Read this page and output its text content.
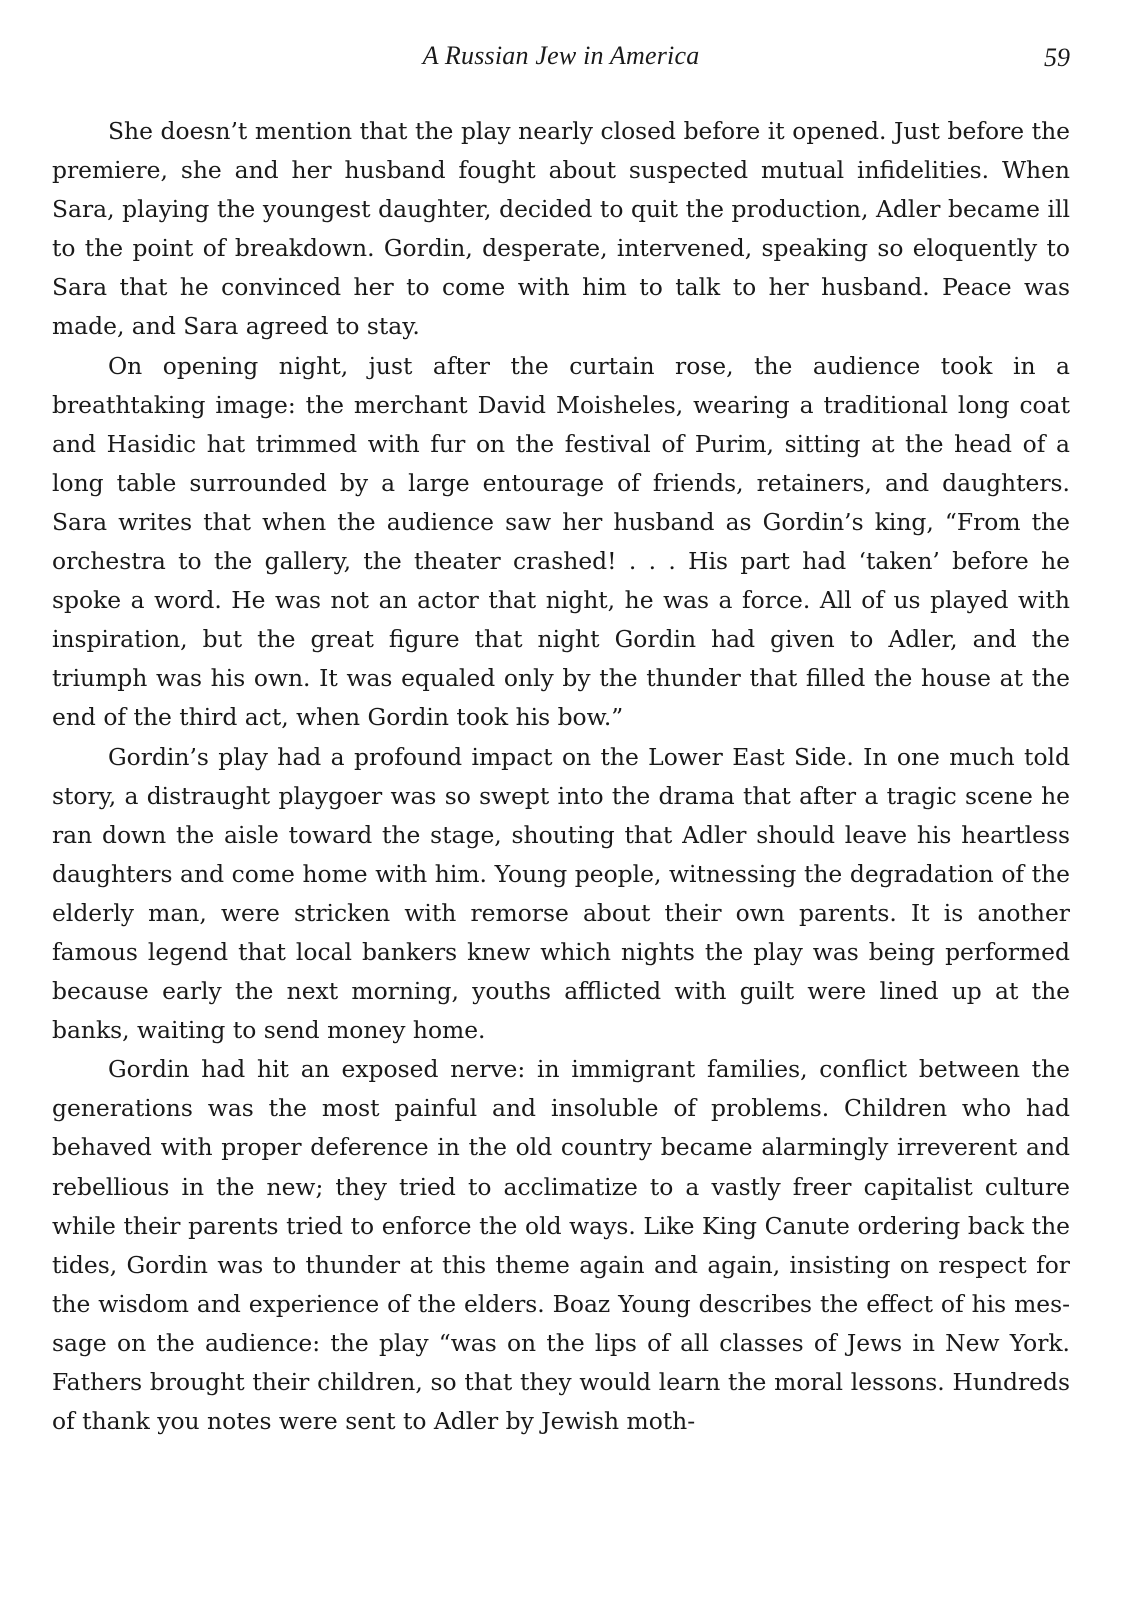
A Russian Jew in America	59

She doesn’t mention that the play nearly closed before it opened. Just before the premiere, she and her husband fought about suspected mutual infidelities. When Sara, playing the youngest daughter, decided to quit the production, Adler became ill to the point of breakdown. Gordin, desperate, intervened, speaking so eloquently to Sara that he convinced her to come with him to talk to her husband. Peace was made, and Sara agreed to stay.

On opening night, just after the curtain rose, the audience took in a breathtaking image: the merchant David Moisheles, wearing a traditional long coat and Hasidic hat trimmed with fur on the festival of Purim, sitting at the head of a long table surrounded by a large entourage of friends, retainers, and daughters. Sara writes that when the audience saw her husband as Gordin’s king, “From the orchestra to the gallery, the theater crashed! . . . His part had ‘taken’ before he spoke a word. He was not an actor that night, he was a force. All of us played with inspiration, but the great figure that night Gordin had given to Adler, and the triumph was his own. It was equaled only by the thunder that filled the house at the end of the third act, when Gordin took his bow.”

Gordin’s play had a profound impact on the Lower East Side. In one much told story, a distraught playgoer was so swept into the drama that after a tragic scene he ran down the aisle toward the stage, shouting that Adler should leave his heartless daughters and come home with him. Young people, witnessing the degradation of the elderly man, were stricken with remorse about their own parents. It is another famous legend that local bankers knew which nights the play was being performed because early the next morning, youths afflicted with guilt were lined up at the banks, waiting to send money home.

Gordin had hit an exposed nerve: in immigrant families, conflict between the generations was the most painful and insoluble of problems. Children who had behaved with proper deference in the old country became alarmingly irreverent and rebellious in the new; they tried to acclimatize to a vastly freer capitalist culture while their parents tried to enforce the old ways. Like King Canute ordering back the tides, Gordin was to thunder at this theme again and again, insisting on respect for the wisdom and experience of the elders. Boaz Young describes the effect of his message on the audience: the play “was on the lips of all classes of Jews in New York. Fathers brought their children, so that they would learn the moral lessons. Hundreds of thank you notes were sent to Adler by Jewish moth-
